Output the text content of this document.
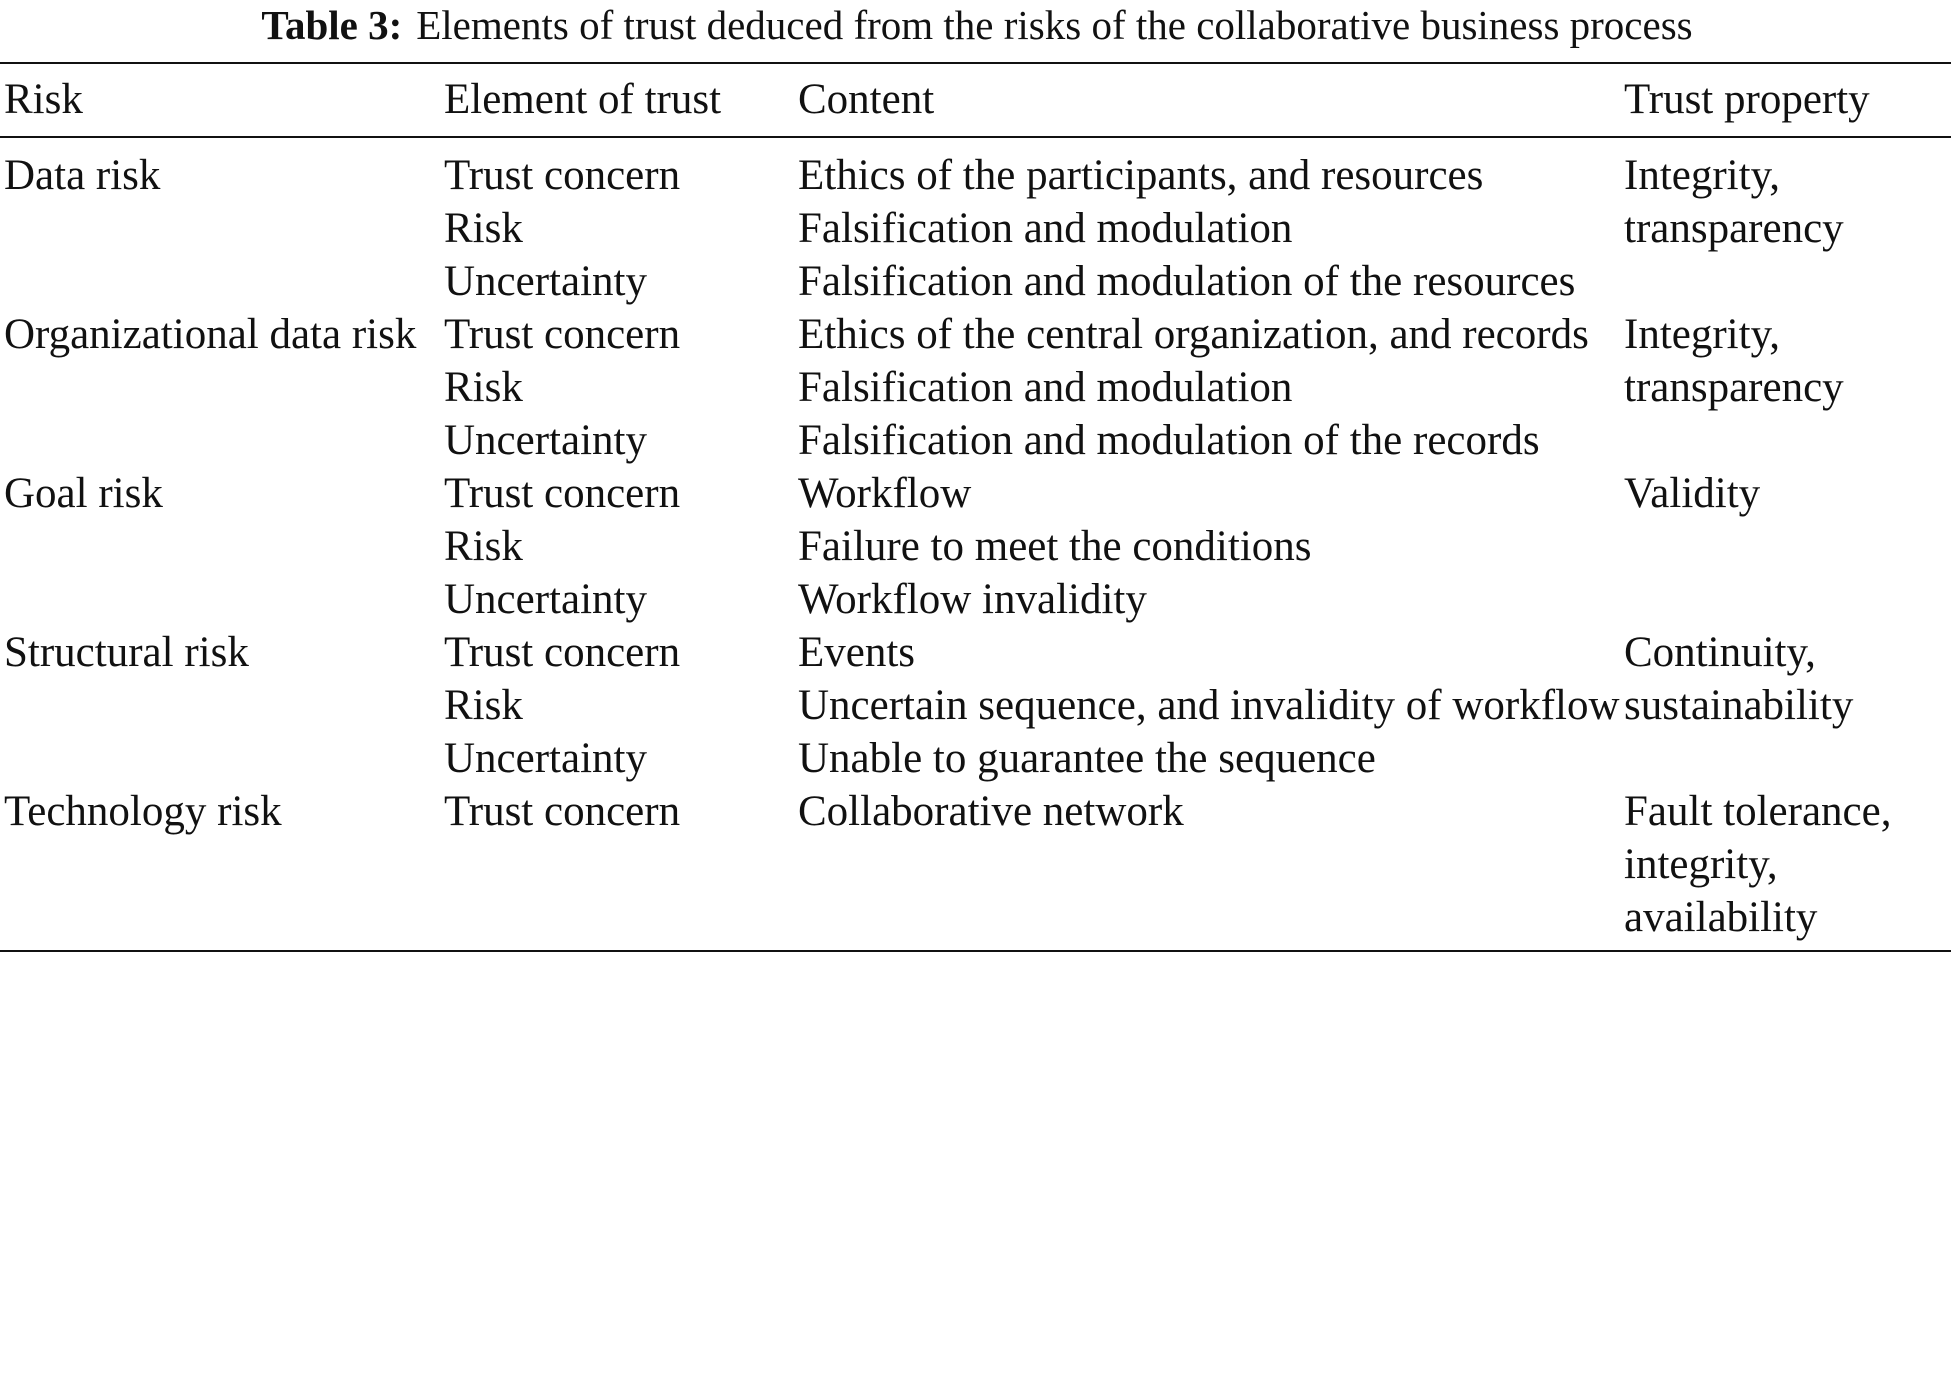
Table 3: Elements of trust deduced from the risks of the collaborative business process
Risk	Element of trust	Content	Trust property
Data risk	Trust concern	Ethics of the participants, and resources	Integrity, transparency
	Risk	Falsification and modulation	
	Uncertainty	Falsification and modulation of the resources	
Organizational data risk	Trust concern	Ethics of the central organization, and records	Integrity, transparency
	Risk	Falsification and modulation	
	Uncertainty	Falsification and modulation of the records	
Goal risk	Trust concern	Workflow	Validity
	Risk	Failure to meet the conditions	
	Uncertainty	Workflow invalidity	
Structural risk	Trust concern	Events	Continuity, sustainability
	Risk	Uncertain sequence, and invalidity of workflow	
	Uncertainty	Unable to guarantee the sequence	
Technology risk	Trust concern	Collaborative network	Fault tolerance, integrity, availability
